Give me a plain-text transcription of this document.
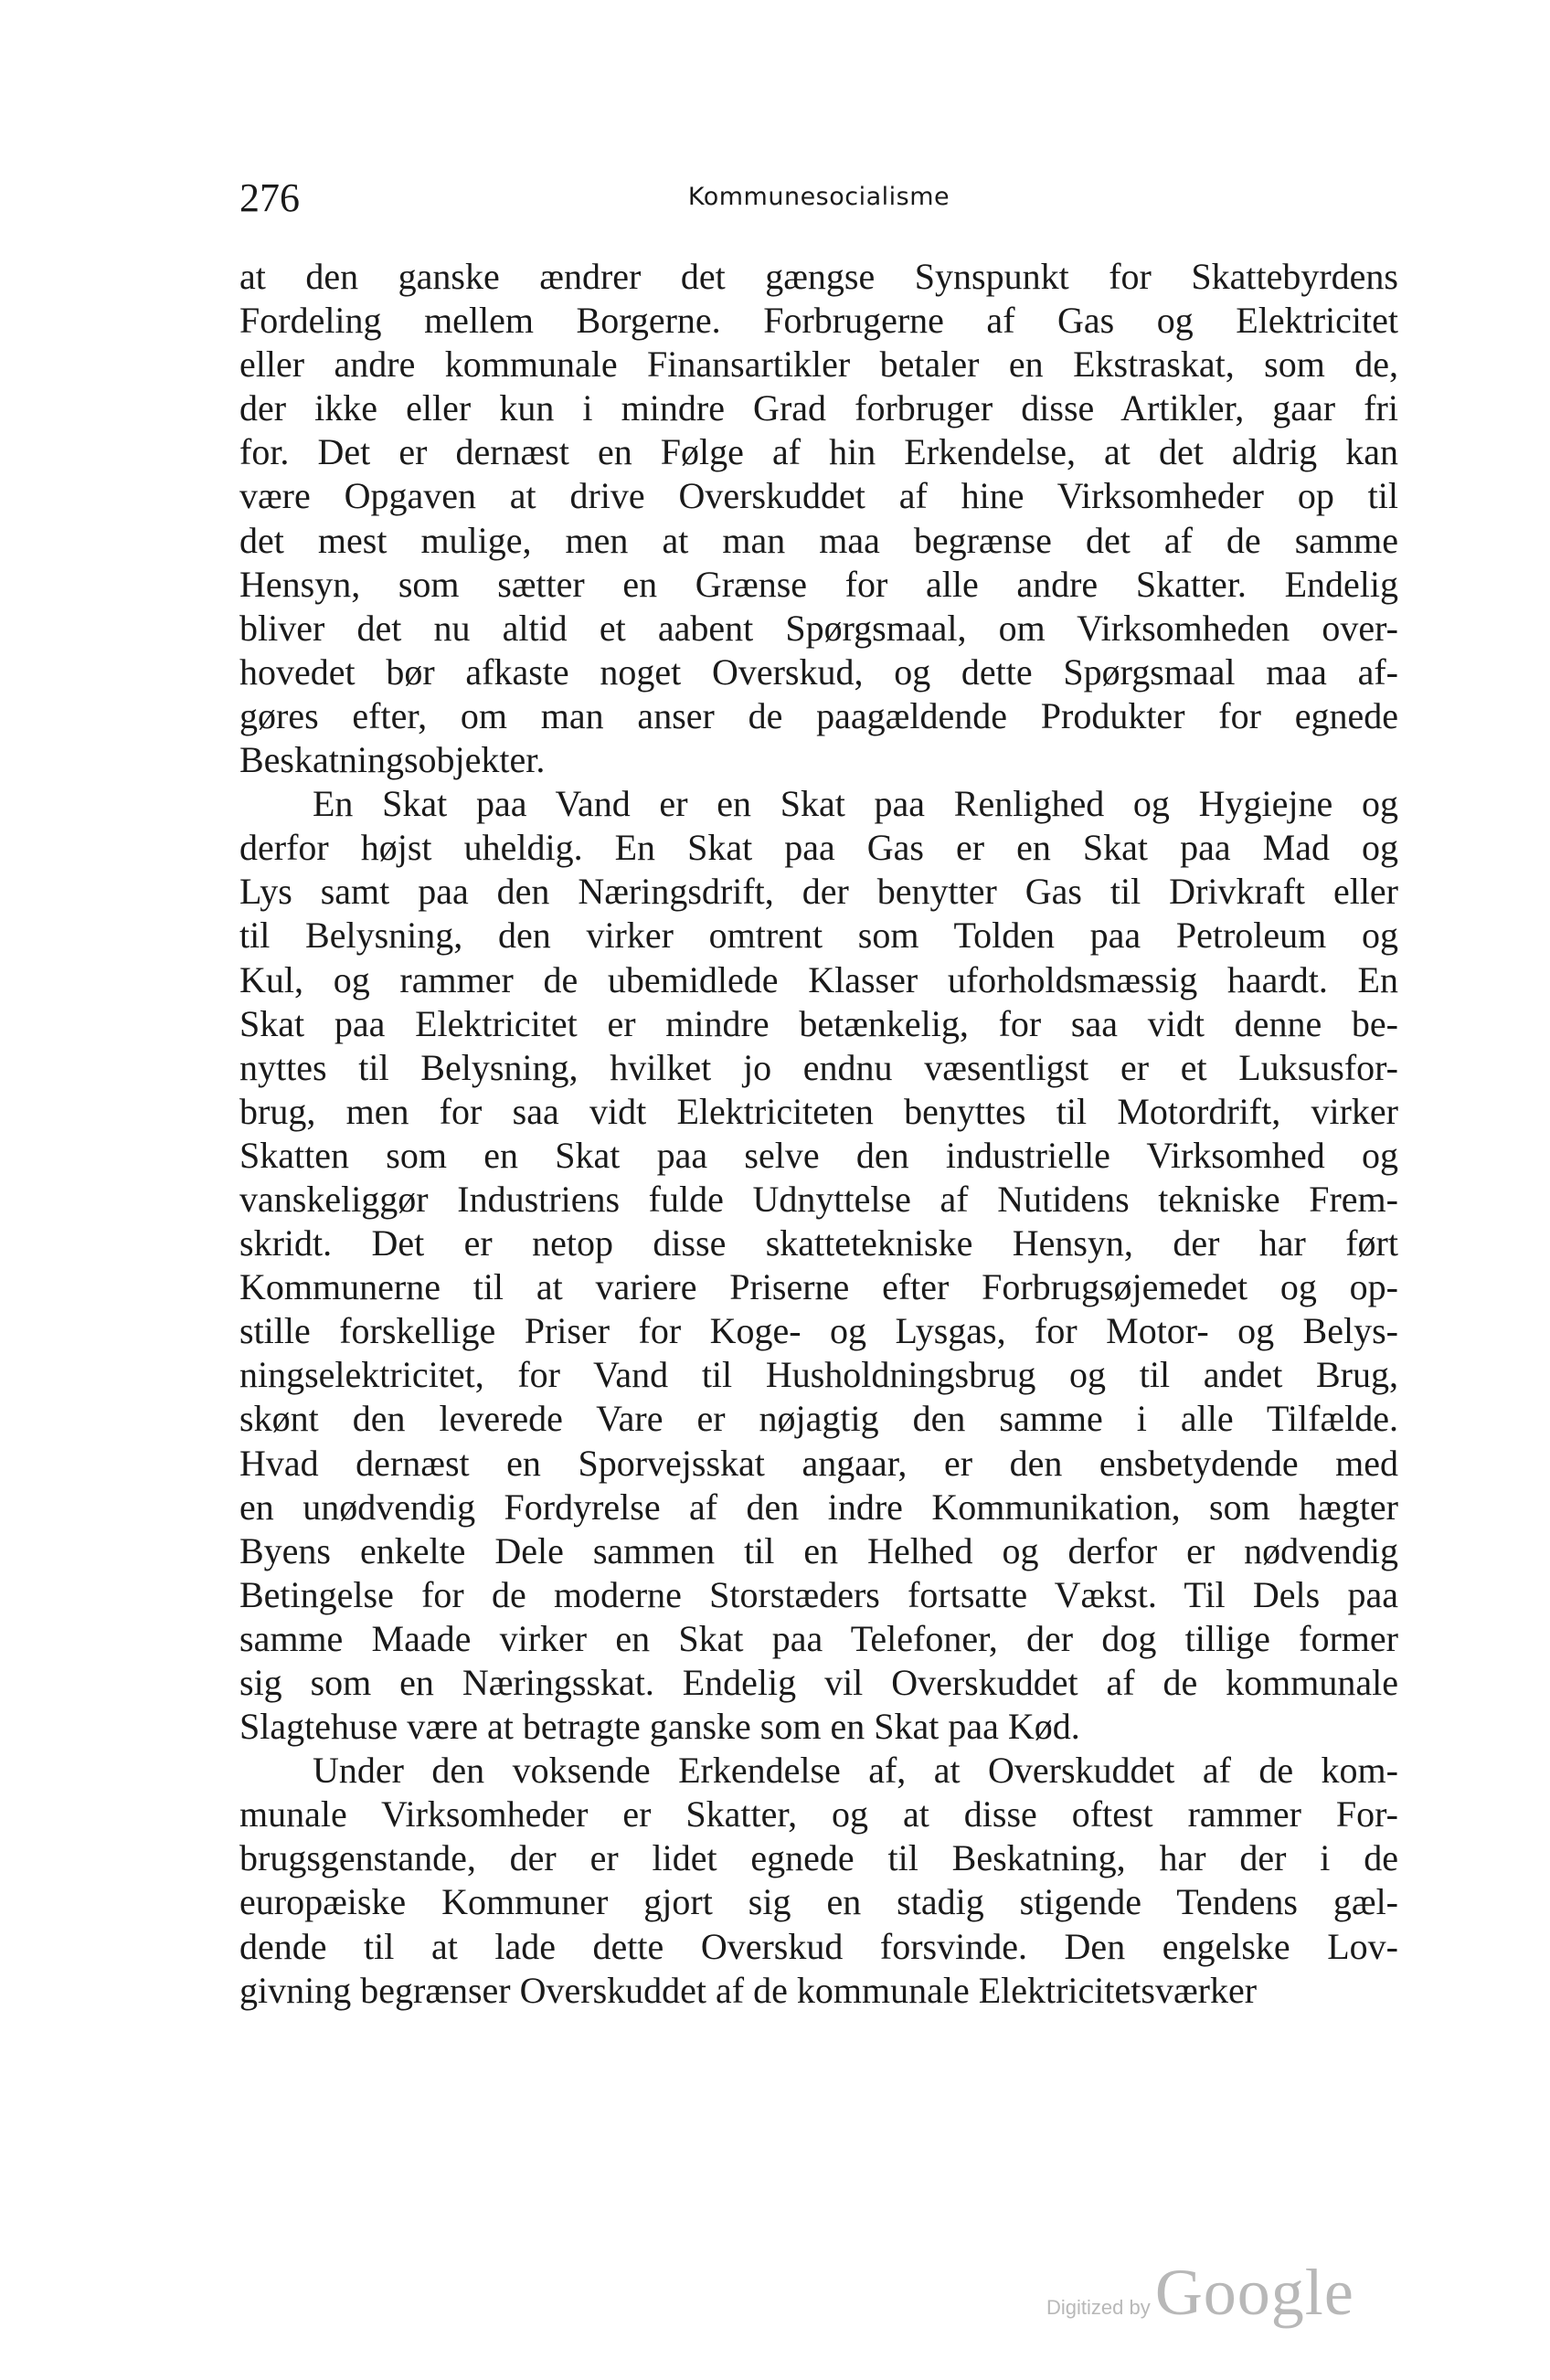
276	Kommunesocialisme
at den ganske ændrer det gængse Synspunkt for Skattebyrdens
Fordeling mellem Borgerne. Forbrugerne af Gas og Elektricitet
eller andre kommunale Finansartikler betaler en Ekstraskat, som de,
der ikke eller kun i mindre Grad forbruger disse Artikler, gaar fri
for. Det er dernæst en Følge af hin Erkendelse, at det aldrig kan
være Opgaven at drive Overskuddet af hine Virksomheder op til
det mest mulige, men at man maa begrænse det af de samme
Hensyn, som sætter en Grænse for alle andre Skatter. Endelig
bliver det nu altid et aabent Spørgsmaal, om Virksomheden over-
hovedet bør afkaste noget Overskud, og dette Spørgsmaal maa af-
gøres efter, om man anser de paagældende Produkter for egnede
Beskatningsobjekter.
En Skat paa Vand er en Skat paa Renlighed og Hygiejne og
derfor højst uheldig. En Skat paa Gas er en Skat paa Mad og
Lys samt paa den Næringsdrift, der benytter Gas til Drivkraft eller
til Belysning, den virker omtrent som Tolden paa Petroleum og
Kul, og rammer de ubemidlede Klasser uforholdsmæssig haardt. En
Skat paa Elektricitet er mindre betænkelig, for saa vidt denne be-
nyttes til Belysning, hvilket jo endnu væsentligst er et Luksusfor-
brug, men for saa vidt Elektriciteten benyttes til Motordrift, virker
Skatten som en Skat paa selve den industrielle Virksomhed og
vanskeliggør Industriens fulde Udnyttelse af Nutidens tekniske Frem-
skridt. Det er netop disse skattetekniske Hensyn, der har ført
Kommunerne til at variere Priserne efter Forbrugsøjemedet og op-
stille forskellige Priser for Koge- og Lysgas, for Motor- og Belys-
ningselektricitet, for Vand til Husholdningsbrug og til andet Brug,
skønt den leverede Vare er nøjagtig den samme i alle Tilfælde.
Hvad dernæst en Sporvejsskat angaar, er den ensbetydende med
en unødvendig Fordyrelse af den indre Kommunikation, som hægter
Byens enkelte Dele sammen til en Helhed og derfor er nødvendig
Betingelse for de moderne Storstæders fortsatte Vækst. Til Dels paa
samme Maade virker en Skat paa Telefoner, der dog tillige former
sig som en Næringsskat. Endelig vil Overskuddet af de kommunale
Slagtehuse være at betragte ganske som en Skat paa Kød.
Under den voksende Erkendelse af, at Overskuddet af de kom-
munale Virksomheder er Skatter, og at disse oftest rammer For-
brugsgenstande, der er lidet egnede til Beskatning, har der i de
europæiske Kommuner gjort sig en stadig stigende Tendens gæl-
dende til at lade dette Overskud forsvinde. Den engelske Lov-
givning begrænser Overskuddet af de kommunale Elektricitetsværker
Digitized by Google
